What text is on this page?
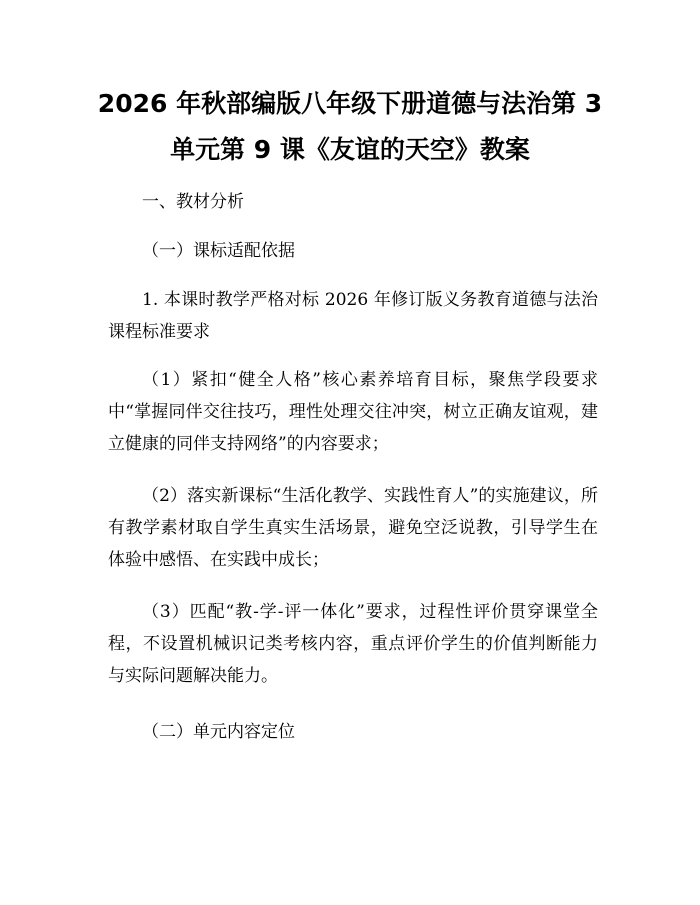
2026 年秋部编版八年级下册道德与法治第 3
单元第 9 课《友谊的天空》教案

一、教材分析

（一）课标适配依据

1. 本课时教学严格对标 2026 年修订版义务教育道德与法治课程标准要求

（1）紧扣“健全人格”核心素养培育目标，聚焦学段要求中“掌握同伴交往技巧，理性处理交往冲突，树立正确友谊观，建立健康的同伴支持网络”的内容要求；

（2）落实新课标“生活化教学、实践性育人”的实施建议，所有教学素材取自学生真实生活场景，避免空泛说教，引导学生在体验中感悟、在实践中成长；

（3）匹配“教-学-评一体化”要求，过程性评价贯穿课堂全程，不设置机械识记类考核内容，重点评价学生的价值判断能力与实际问题解决能力。

（二）单元内容定位
